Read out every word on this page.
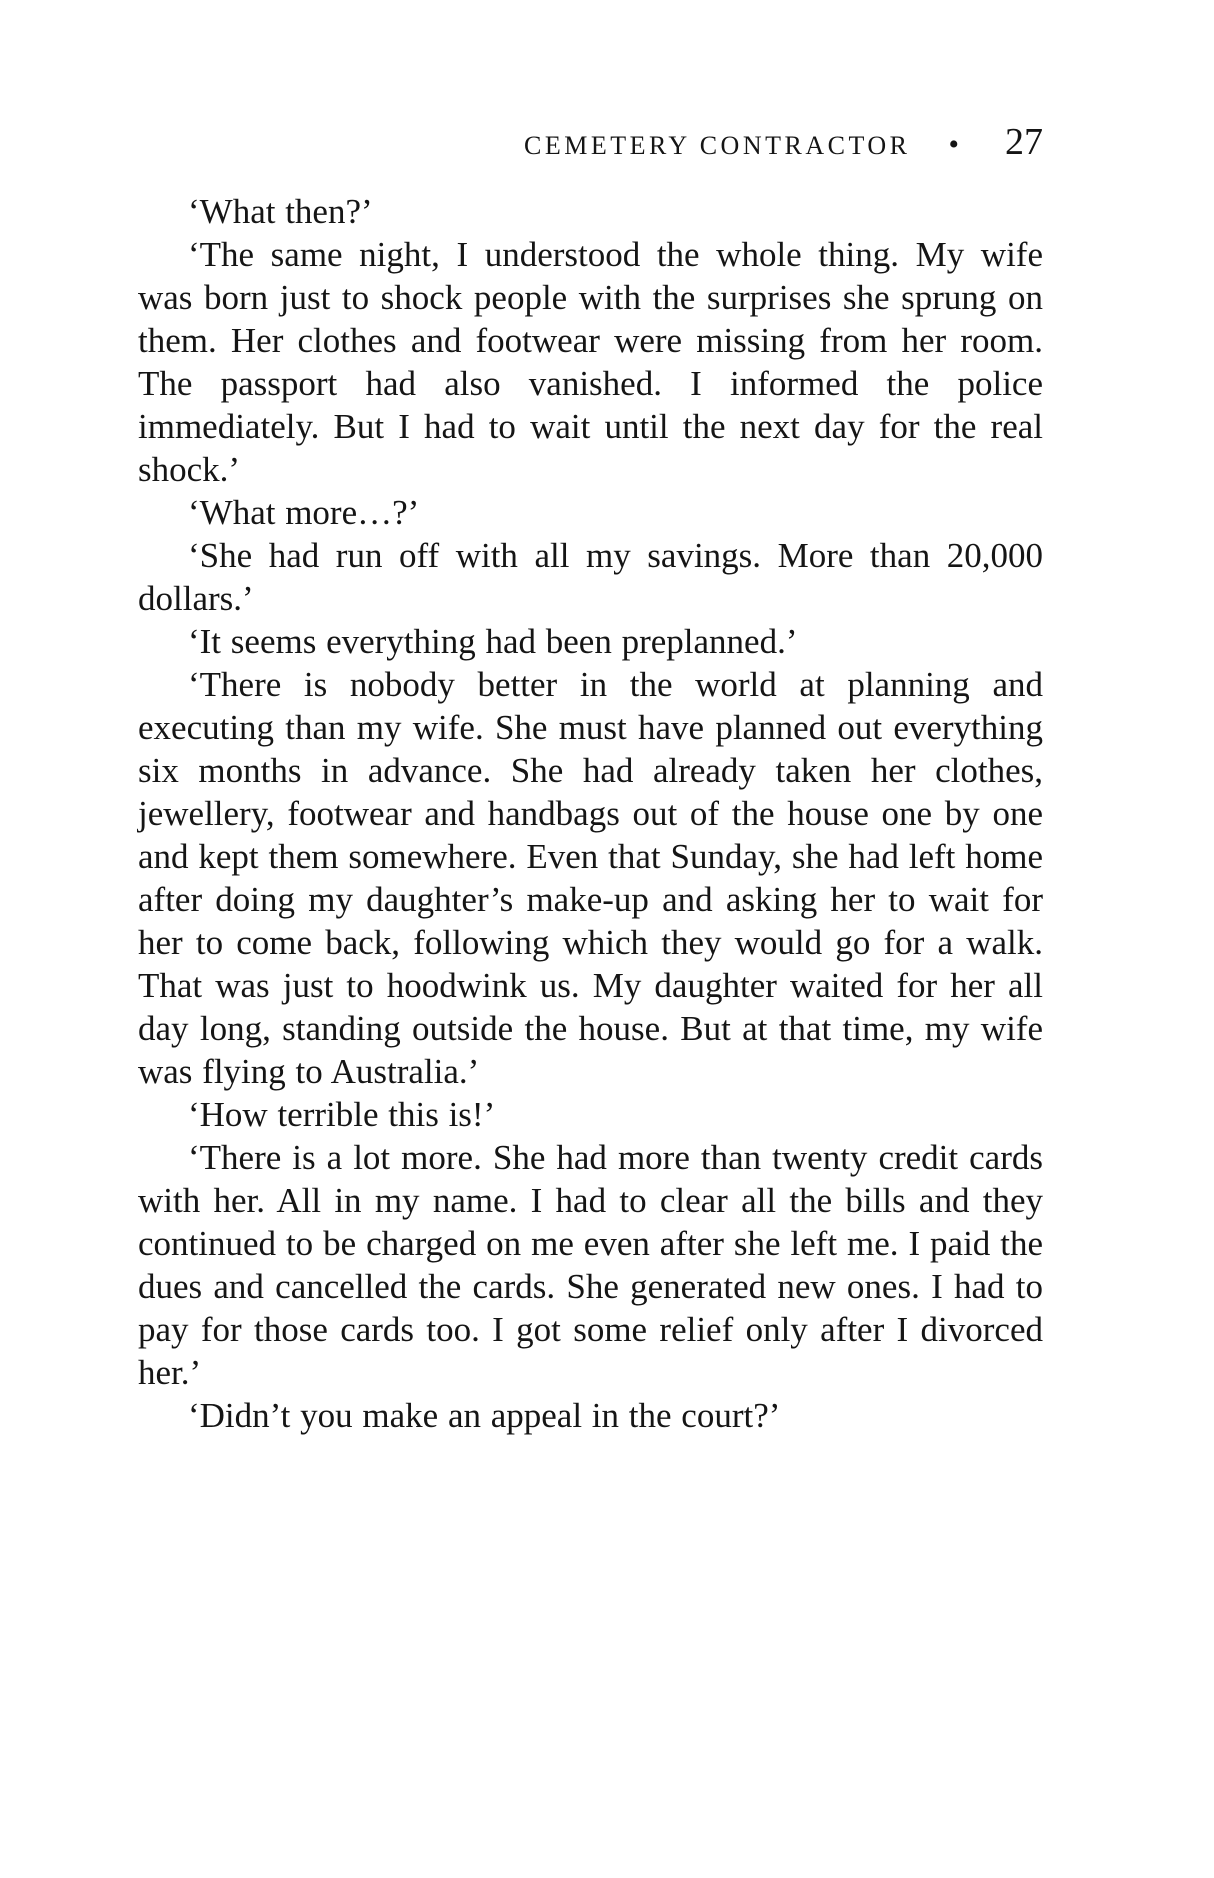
CEMETERY CONTRACTOR • 27

‘What then?’

‘The same night, I understood the whole thing. My wife was born just to shock people with the surprises she sprung on them. Her clothes and footwear were missing from her room. The passport had also vanished. I informed the police immediately. But I had to wait until the next day for the real shock.’

‘What more…?’

‘She had run off with all my savings. More than 20,000 dollars.’

‘It seems everything had been preplanned.’

‘There is nobody better in the world at planning and executing than my wife. She must have planned out everything six months in advance. She had already taken her clothes, jewellery, footwear and handbags out of the house one by one and kept them somewhere. Even that Sunday, she had left home after doing my daughter’s make-up and asking her to wait for her to come back, following which they would go for a walk. That was just to hoodwink us. My daughter waited for her all day long, standing outside the house. But at that time, my wife was flying to Australia.’

‘How terrible this is!’

‘There is a lot more. She had more than twenty credit cards with her. All in my name. I had to clear all the bills and they continued to be charged on me even after she left me. I paid the dues and cancelled the cards. She generated new ones. I had to pay for those cards too. I got some relief only after I divorced her.’

‘Didn’t you make an appeal in the court?’
